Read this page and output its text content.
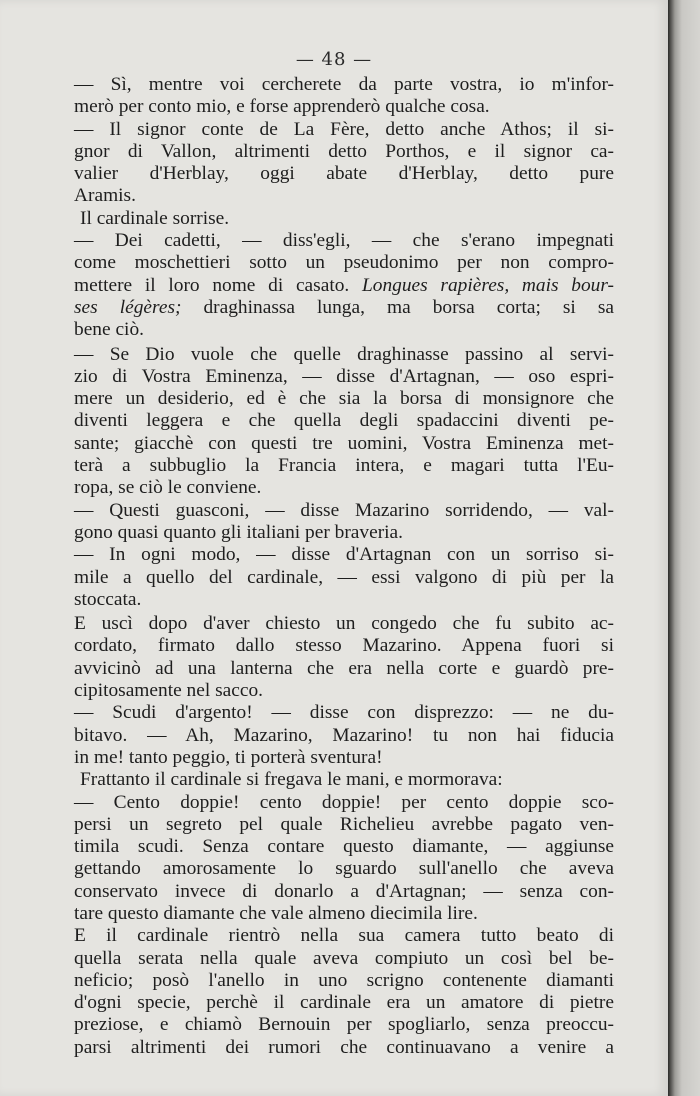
— 48 —
— Sì, mentre voi cercherete da parte vostra, io m'infor-
merò per conto mio, e forse apprenderò qualche cosa.
— Il signor conte de La Fère, detto anche Athos; il si-
gnor di Vallon, altrimenti detto Porthos, e il signor ca-
valier d'Herblay, oggi abate d'Herblay, detto pure
Aramis.
Il cardinale sorrise.
— Dei cadetti, — diss'egli, — che s'erano impegnati
come moschettieri sotto un pseudonimo per non compro-
mettere il loro nome di casato. Longues rapières, mais bour-
ses légères; draghinassa lunga, ma borsa corta; si sa
bene ciò.
— Se Dio vuole che quelle draghinasse passino al servi-
zio di Vostra Eminenza, — disse d'Artagnan, — oso espri-
mere un desiderio, ed è che sia la borsa di monsignore che
diventi leggera e che quella degli spadaccini diventi pe-
sante; giacchè con questi tre uomini, Vostra Eminenza met-
terà a subbuglio la Francia intera, e magari tutta l'Eu-
ropa, se ciò le conviene.
— Questi guasconi, — disse Mazarino sorridendo, — val-
gono quasi quanto gli italiani per braveria.
— In ogni modo, — disse d'Artagnan con un sorriso si-
mile a quello del cardinale, — essi valgono di più per la
stoccata.
E uscì dopo d'aver chiesto un congedo che fu subito ac-
cordato, firmato dallo stesso Mazarino. Appena fuori si
avvicinò ad una lanterna che era nella corte e guardò pre-
cipitosamente nel sacco.
— Scudi d'argento! — disse con disprezzo: — ne du-
bitavo. — Ah, Mazarino, Mazarino! tu non hai fiducia
in me! tanto peggio, ti porterà sventura!
Frattanto il cardinale si fregava le mani, e mormorava:
— Cento doppie! cento doppie! per cento doppie sco-
persi un segreto pel quale Richelieu avrebbe pagato ven-
timila scudi. Senza contare questo diamante, — aggiunse
gettando amorosamente lo sguardo sull'anello che aveva
conservato invece di donarlo a d'Artagnan; — senza con-
tare questo diamante che vale almeno diecimila lire.
E il cardinale rientrò nella sua camera tutto beato di
quella serata nella quale aveva compiuto un così bel be-
neficio; posò l'anello in uno scrigno contenente diamanti
d'ogni specie, perchè il cardinale era un amatore di pietre
preziose, e chiamò Bernouin per spogliarlo, senza preoccu-
parsi altrimenti dei rumori che continuavano a venire a
